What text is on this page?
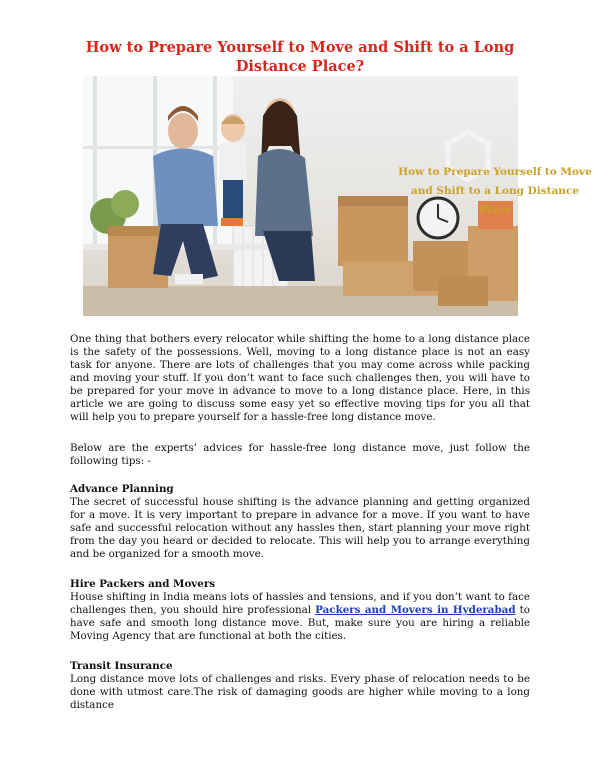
How to Prepare Yourself to Move and Shift to a Long Distance Place?
How to Prepare Yourself to Move and Shift to a Long Distance Place

One thing that bothers every relocator while shifting the home to a long distance place is the safety of the possessions. Well, moving to a long distance place is not an easy task for anyone. There are lots of challenges that you may come across while packing and moving your stuff. If you don’t want to face such challenges then, you will have to be prepared for your move in advance to move to a long distance place. Here, in this article we are going to discuss some easy yet so effective moving tips for you all that will help you to prepare yourself for a hassle-free long distance move.

Below are the experts’ advices for hassle-free long distance move, just follow the following tips: -

Advance Planning

The secret of successful house shifting is the advance planning and getting organized for a move. It is very important to prepare in advance for a move. If you want to have safe and successful relocation without any hassles then, start planning your move right from the day you heard or decided to relocate. This will help you to arrange everything and be organized for a smooth move.

Hire Packers and Movers

House shifting in India means lots of hassles and tensions, and if you don’t want to face challenges then, you should hire professional Packers and Movers in Hyderabad to have safe and smooth long distance move. But, make sure you are hiring a reliable Moving Agency that are functional at both the cities.

Transit Insurance

Long distance move lots of challenges and risks. Every phase of relocation needs to be done with utmost care.The risk of damaging goods are higher while moving to a long distance
